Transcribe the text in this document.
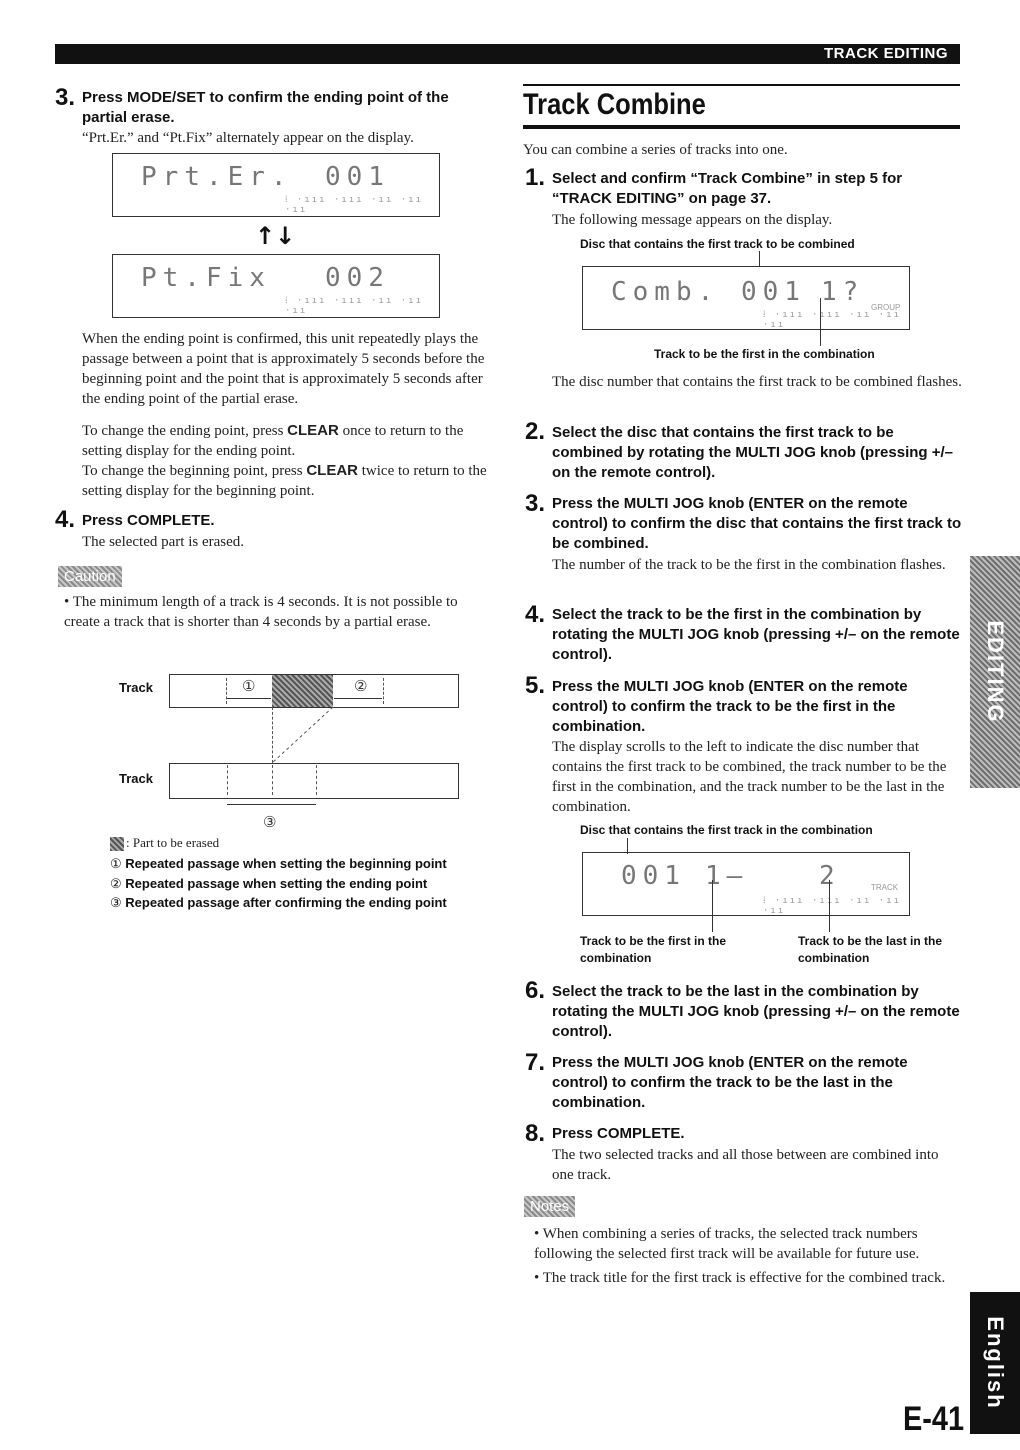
TRACK EDITING
3. Press MODE/SET to confirm the ending point of the partial erase.
“Prt.Er.” and “Pt.Fix” alternately appear on the display.
Prt.Er. 001
⁞ ·ııı ·ııı ·ıı ·ıı ·ıı
↑↓
Pt.Fix 002
⁞ ·ııı ·ııı ·ıı ·ıı ·ıı
When the ending point is confirmed, this unit repeatedly plays the passage between a point that is approximately 5 seconds before the beginning point and the point that is approximately 5 seconds after the ending point of the partial erase.
To change the ending point, press CLEAR once to return to the setting display for the ending point.
To change the beginning point, press CLEAR twice to return to the setting display for the beginning point.
4. Press COMPLETE.
The selected part is erased.
Caution
• The minimum length of a track is 4 seconds. It is not possible to create a track that is shorter than 4 seconds by a partial erase.
Track	①	②
Track
③
: Part to be erased
① Repeated passage when setting the beginning point
② Repeated passage when setting the ending point
③ Repeated passage after confirming the ending point
Track Combine
You can combine a series of tracks into one.
1. Select and confirm “Track Combine” in step 5 for “TRACK EDITING” on page 37.
The following message appears on the display.
Disc that contains the first track to be combined
Comb. 001 1?
GROUP
⁞ ·ııı ·ııı ·ıı ·ıı ·ıı
Track to be the first in the combination
The disc number that contains the first track to be combined flashes.
2. Select the disc that contains the first track to be combined by rotating the MULTI JOG knob (pressing +/– on the remote control).
3. Press the MULTI JOG knob (ENTER on the remote control) to confirm the disc that contains the first track to be combined.
The number of the track to be the first in the combination flashes.
4. Select the track to be the first in the combination by rotating the MULTI JOG knob (pressing +/– on the remote control).
5. Press the MULTI JOG knob (ENTER on the remote control) to confirm the track to be the first in the combination.
The display scrolls to the left to indicate the disc number that contains the first track to be combined, the track number to be the first in the combination, and the track number to be the last in the combination.
Disc that contains the first track in the combination
001 1–	2	TRACK
⁞ ·ııı ·ııı ·ıı ·ıı ·ıı
Track to be the first in the combination
Track to be the last in the combination
6. Select the track to be the last in the combination by rotating the MULTI JOG knob (pressing +/– on the remote control).
7. Press the MULTI JOG knob (ENTER on the remote control) to confirm the track to be the last in the combination.
8. Press COMPLETE.
The two selected tracks and all those between are combined into one track.
Notes
• When combining a series of tracks, the selected track numbers following the selected first track will be available for future use.
• The track title for the first track is effective for the combined track.
EDITING
English
E-41
